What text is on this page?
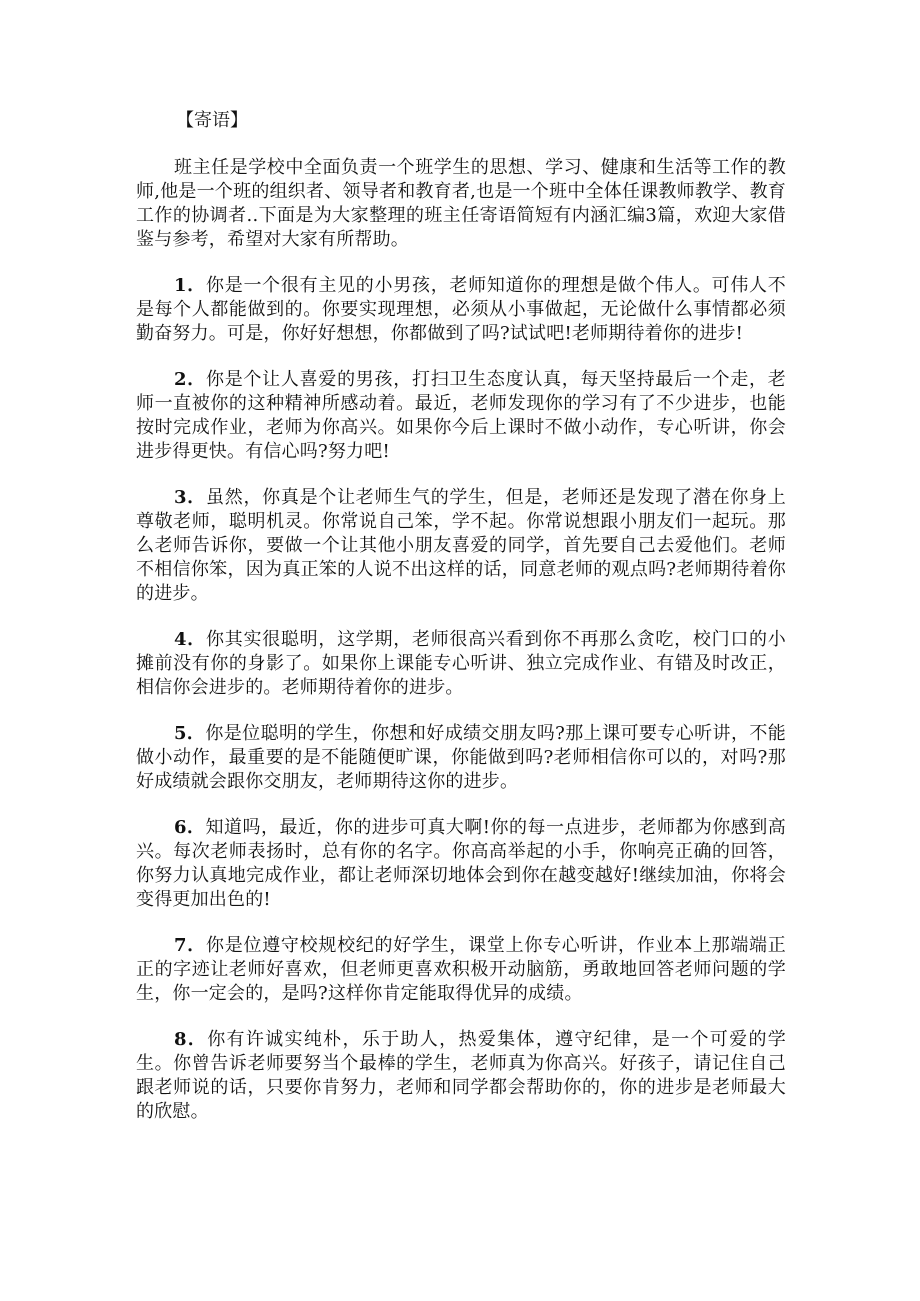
【寄语】

班主任是学校中全面负责一个班学生的思想、学习、健康和生活等工作的教师,他是一个班的组织者、领导者和教育者,也是一个班中全体任课教师教学、教育工作的协调者..下面是为大家整理的班主任寄语简短有内涵汇编3篇，欢迎大家借鉴与参考，希望对大家有所帮助。

1．你是一个很有主见的小男孩，老师知道你的理想是做个伟人。可伟人不是每个人都能做到的。你要实现理想，必须从小事做起，无论做什么事情都必须勤奋努力。可是，你好好想想，你都做到了吗?试试吧!老师期待着你的进步!

2．你是个让人喜爱的男孩，打扫卫生态度认真，每天坚持最后一个走，老师一直被你的这种精神所感动着。最近，老师发现你的学习有了不少进步，也能按时完成作业，老师为你高兴。如果你今后上课时不做小动作，专心听讲，你会进步得更快。有信心吗?努力吧!

3．虽然，你真是个让老师生气的学生，但是，老师还是发现了潜在你身上尊敬老师，聪明机灵。你常说自己笨，学不起。你常说想跟小朋友们一起玩。那么老师告诉你，要做一个让其他小朋友喜爱的同学，首先要自己去爱他们。老师不相信你笨，因为真正笨的人说不出这样的话，同意老师的观点吗?老师期待着你的进步。

4．你其实很聪明，这学期，老师很高兴看到你不再那么贪吃，校门口的小摊前没有你的身影了。如果你上课能专心听讲、独立完成作业、有错及时改正，相信你会进步的。老师期待着你的进步。

5．你是位聪明的学生，你想和好成绩交朋友吗?那上课可要专心听讲，不能做小动作，最重要的是不能随便旷课，你能做到吗?老师相信你可以的，对吗?那好成绩就会跟你交朋友，老师期待这你的进步。

6．知道吗，最近，你的进步可真大啊!你的每一点进步，老师都为你感到高兴。每次老师表扬时，总有你的名字。你高高举起的小手，你响亮正确的回答，你努力认真地完成作业，都让老师深切地体会到你在越变越好!继续加油，你将会变得更加出色的!

7．你是位遵守校规校纪的好学生，课堂上你专心听讲，作业本上那端端正正的字迹让老师好喜欢，但老师更喜欢积极开动脑筋，勇敢地回答老师问题的学生，你一定会的，是吗?这样你肯定能取得优异的成绩。

8．你有许诚实纯朴，乐于助人，热爱集体，遵守纪律，是一个可爱的学生。你曾告诉老师要努当个最棒的学生，老师真为你高兴。好孩子，请记住自己跟老师说的话，只要你肯努力，老师和同学都会帮助你的，你的进步是老师最大的欣慰。
